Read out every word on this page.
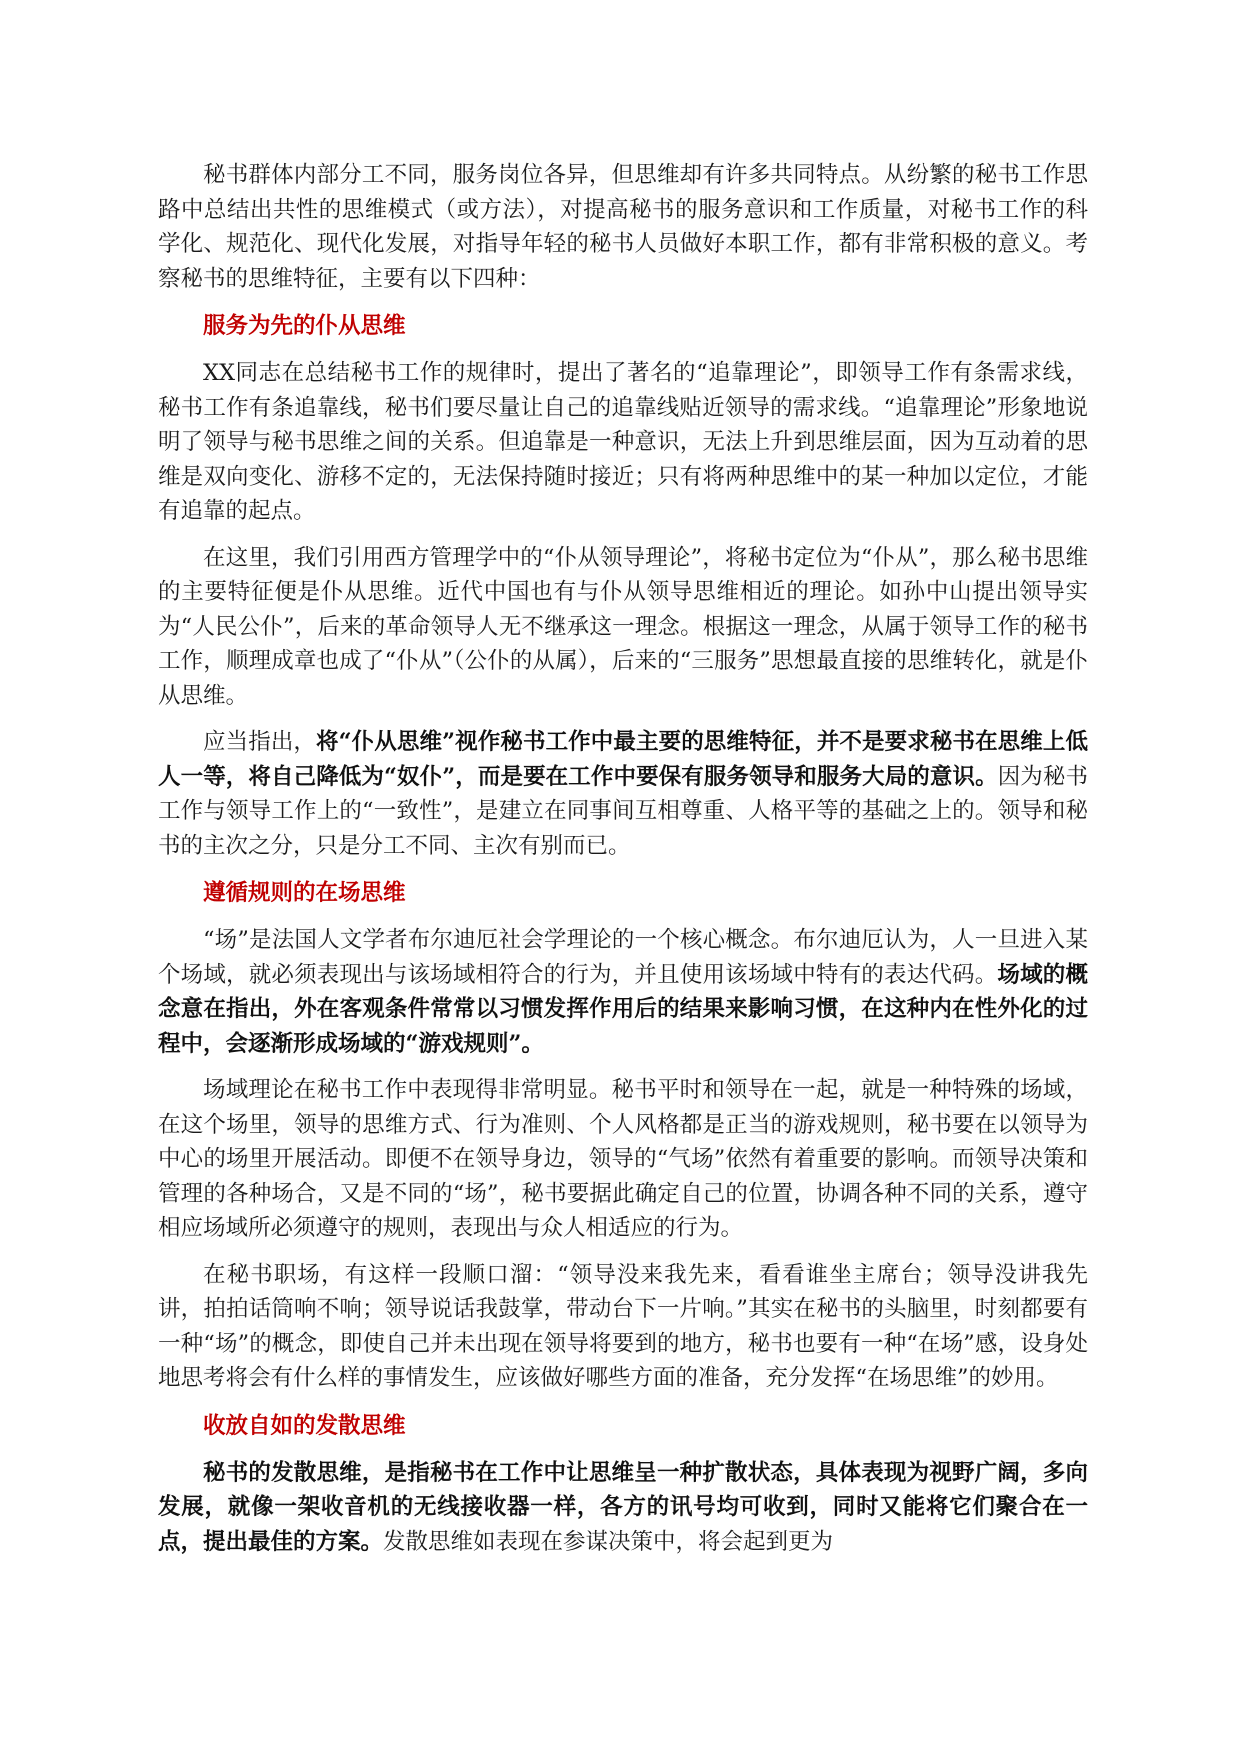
秘书群体内部分工不同，服务岗位各异，但思维却有许多共同特点。从纷繁的秘书工作思路中总结出共性的思维模式（或方法），对提高秘书的服务意识和工作质量，对秘书工作的科学化、规范化、现代化发展，对指导年轻的秘书人员做好本职工作，都有非常积极的意义。考察秘书的思维特征，主要有以下四种：

服务为先的仆从思维

XX同志在总结秘书工作的规律时，提出了著名的“追靠理论”，即领导工作有条需求线，秘书工作有条追靠线，秘书们要尽量让自己的追靠线贴近领导的需求线。“追靠理论”形象地说明了领导与秘书思维之间的关系。但追靠是一种意识，无法上升到思维层面，因为互动着的思维是双向变化、游移不定的，无法保持随时接近；只有将两种思维中的某一种加以定位，才能有追靠的起点。

在这里，我们引用西方管理学中的“仆从领导理论”，将秘书定位为“仆从”，那么秘书思维的主要特征便是仆从思维。近代中国也有与仆从领导思维相近的理论。如孙中山提出领导实为“人民公仆”，后来的革命领导人无不继承这一理念。根据这一理念，从属于领导工作的秘书工作，顺理成章也成了“仆从”（公仆的从属），后来的“三服务”思想最直接的思维转化，就是仆从思维。

应当指出，将“仆从思维”视作秘书工作中最主要的思维特征，并不是要求秘书在思维上低人一等，将自己降低为“奴仆”，而是要在工作中要保有服务领导和服务大局的意识。因为秘书工作与领导工作上的“一致性”，是建立在同事间互相尊重、人格平等的基础之上的。领导和秘书的主次之分，只是分工不同、主次有别而已。

遵循规则的在场思维

“场”是法国人文学者布尔迪厄社会学理论的一个核心概念。布尔迪厄认为，人一旦进入某个场域，就必须表现出与该场域相符合的行为，并且使用该场域中特有的表达代码。场域的概念意在指出，外在客观条件常常以习惯发挥作用后的结果来影响习惯，在这种内在性外化的过程中，会逐渐形成场域的“游戏规则”。

场域理论在秘书工作中表现得非常明显。秘书平时和领导在一起，就是一种特殊的场域，在这个场里，领导的思维方式、行为准则、个人风格都是正当的游戏规则，秘书要在以领导为中心的场里开展活动。即便不在领导身边，领导的“气场”依然有着重要的影响。而领导决策和管理的各种场合，又是不同的“场”，秘书要据此确定自己的位置，协调各种不同的关系，遵守相应场域所必须遵守的规则，表现出与众人相适应的行为。

在秘书职场，有这样一段顺口溜：“领导没来我先来，看看谁坐主席台；领导没讲我先讲，拍拍话筒响不响；领导说话我鼓掌，带动台下一片响。”其实在秘书的头脑里，时刻都要有一种“场”的概念，即使自己并未出现在领导将要到的地方，秘书也要有一种“在场”感，设身处地思考将会有什么样的事情发生，应该做好哪些方面的准备，充分发挥“在场思维”的妙用。

收放自如的发散思维

秘书的发散思维，是指秘书在工作中让思维呈一种扩散状态，具体表现为视野广阔，多向发展，就像一架收音机的无线接收器一样，各方的讯号均可收到，同时又能将它们聚合在一点，提出最佳的方案。发散思维如表现在参谋决策中，将会起到更为
